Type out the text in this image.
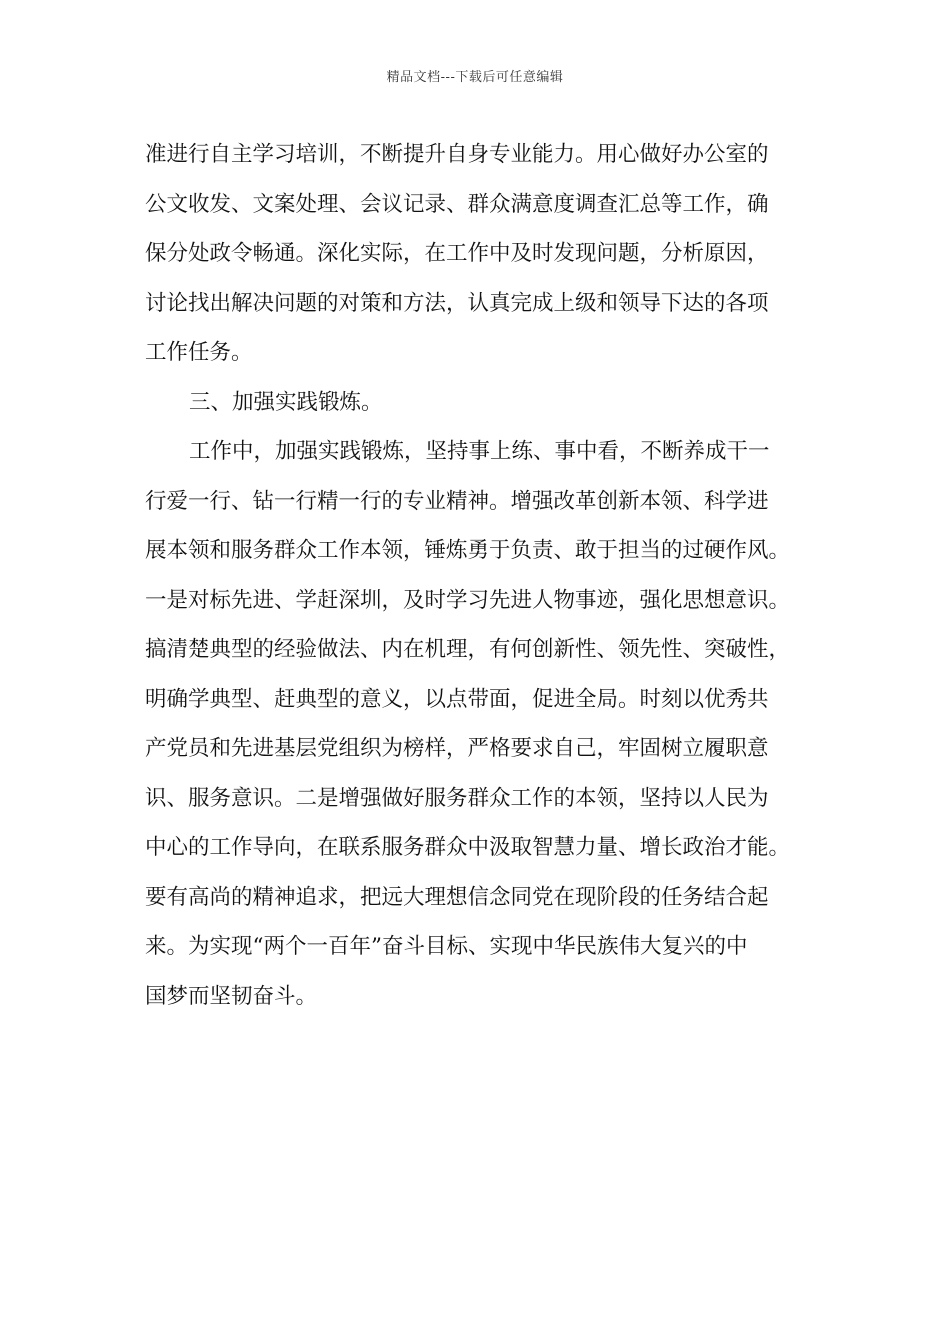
精品文档---下载后可任意编辑
准进行自主学习培训，不断提升自身专业能力。用心做好办公室的
公文收发、文案处理、会议记录、群众满意度调查汇总等工作，确
保分处政令畅通。深化实际，在工作中及时发现问题，分析原因，
讨论找出解决问题的对策和方法，认真完成上级和领导下达的各项
工作任务。
三、加强实践锻炼。
工作中，加强实践锻炼，坚持事上练、事中看，不断养成干一
行爱一行、钻一行精一行的专业精神。增强改革创新本领、科学进
展本领和服务群众工作本领，锤炼勇于负责、敢于担当的过硬作风。
一是对标先进、学赶深圳，及时学习先进人物事迹，强化思想意识。
搞清楚典型的经验做法、内在机理，有何创新性、领先性、突破性，
明确学典型、赶典型的意义，以点带面，促进全局。时刻以优秀共
产党员和先进基层党组织为榜样，严格要求自己，牢固树立履职意
识、服务意识。二是增强做好服务群众工作的本领，坚持以人民为
中心的工作导向，在联系服务群众中汲取智慧力量、增长政治才能。
要有高尚的精神追求，把远大理想信念同党在现阶段的任务结合起
来。为实现“两个一百年”奋斗目标、实现中华民族伟大复兴的中
国梦而坚韧奋斗。
